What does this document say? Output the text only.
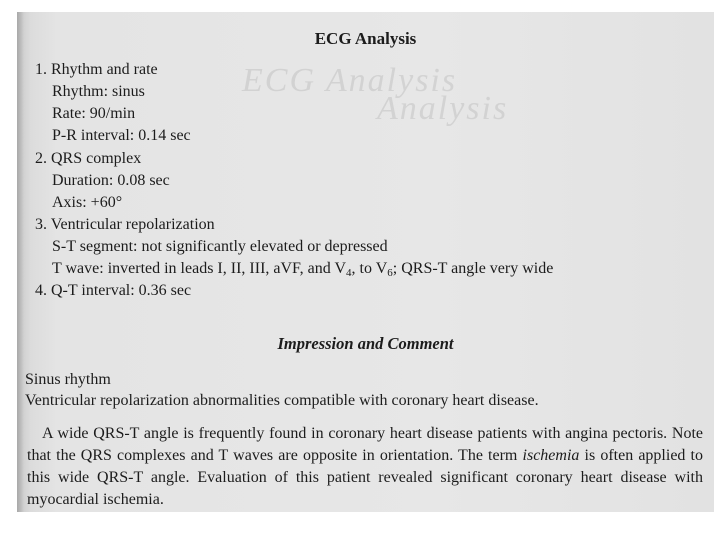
ECG Analysis
Analysis
ECG Analysis
1. Rhythm and rate
Rhythm: sinus
Rate: 90/min
P-R interval: 0.14 sec
2. QRS complex
Duration: 0.08 sec
Axis: +60°
3. Ventricular repolarization
S-T segment: not significantly elevated or depressed
T wave: inverted in leads I, II, III, aVF, and $V_4$, to $V_6$; QRS-T angle very wide
4. Q-T interval: 0.36 sec
Impression and Comment
Sinus rhythm
Ventricular repolarization abnormalities compatible with coronary heart disease.
A wide QRS-T angle is frequently found in coronary heart disease patients with angina pectoris. Note that the QRS complexes and T waves are opposite in orientation. The term ischemia is often applied to this wide QRS-T angle. Evaluation of this patient revealed significant coronary heart disease with myocardial ischemia.
